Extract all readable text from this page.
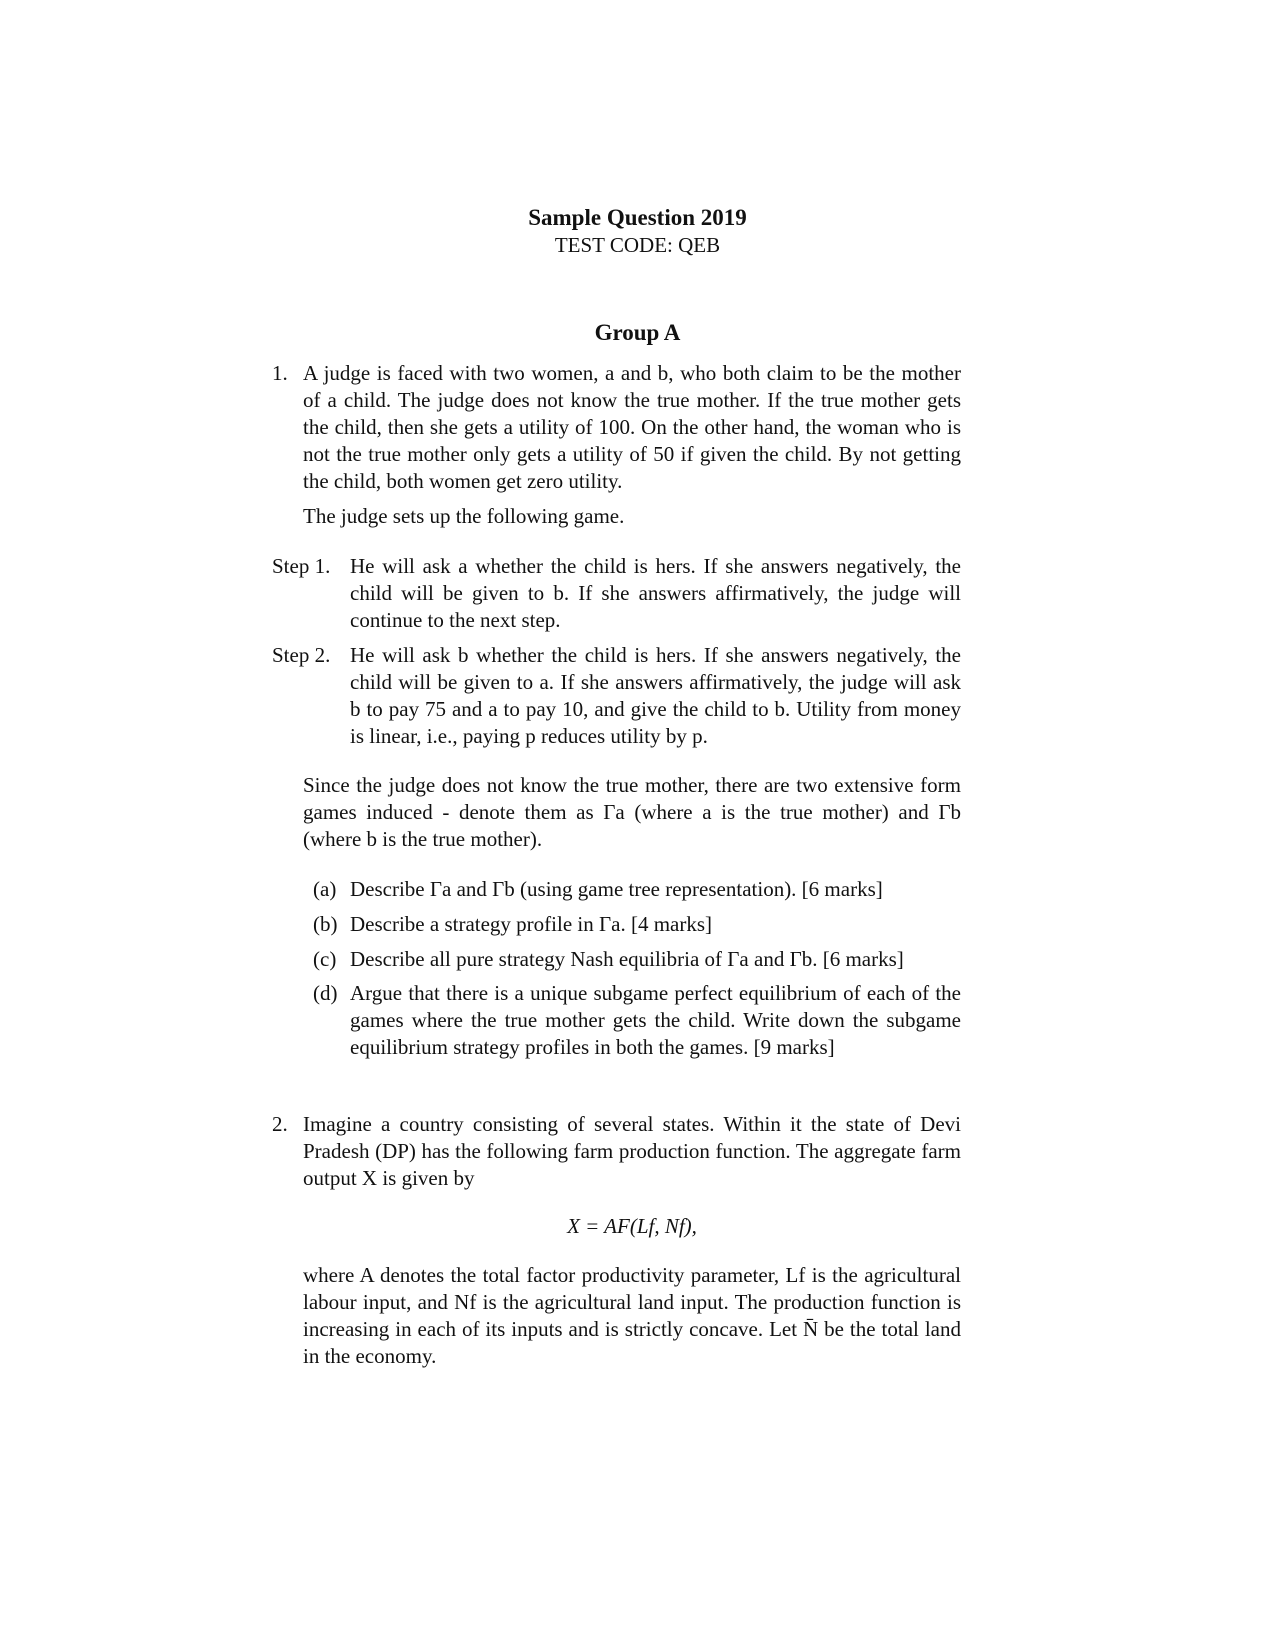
Sample Question 2019
TEST CODE: QEB
Group A
1. A judge is faced with two women, a and b, who both claim to be the mother of a child. The judge does not know the true mother. If the true mother gets the child, then she gets a utility of 100. On the other hand, the woman who is not the true mother only gets a utility of 50 if given the child. By not getting the child, both women get zero utility.
The judge sets up the following game.
Step 1. He will ask a whether the child is hers. If she answers negatively, the child will be given to b. If she answers affirmatively, the judge will continue to the next step.
Step 2. He will ask b whether the child is hers. If she answers negatively, the child will be given to a. If she answers affirmatively, the judge will ask b to pay 75 and a to pay 10, and give the child to b. Utility from money is linear, i.e., paying p reduces utility by p.
Since the judge does not know the true mother, there are two extensive form games induced - denote them as Γa (where a is the true mother) and Γb (where b is the true mother).
(a) Describe Γa and Γb (using game tree representation). [6 marks]
(b) Describe a strategy profile in Γa. [4 marks]
(c) Describe all pure strategy Nash equilibria of Γa and Γb. [6 marks]
(d) Argue that there is a unique subgame perfect equilibrium of each of the games where the true mother gets the child. Write down the subgame equilibrium strategy profiles in both the games. [9 marks]
2. Imagine a country consisting of several states. Within it the state of Devi Pradesh (DP) has the following farm production function. The aggregate farm output X is given by
X = AF(Lf, Nf),
where A denotes the total factor productivity parameter, Lf is the agricultural labour input, and Nf is the agricultural land input. The production function is increasing in each of its inputs and is strictly concave. Let N̄ be the total land in the economy.
